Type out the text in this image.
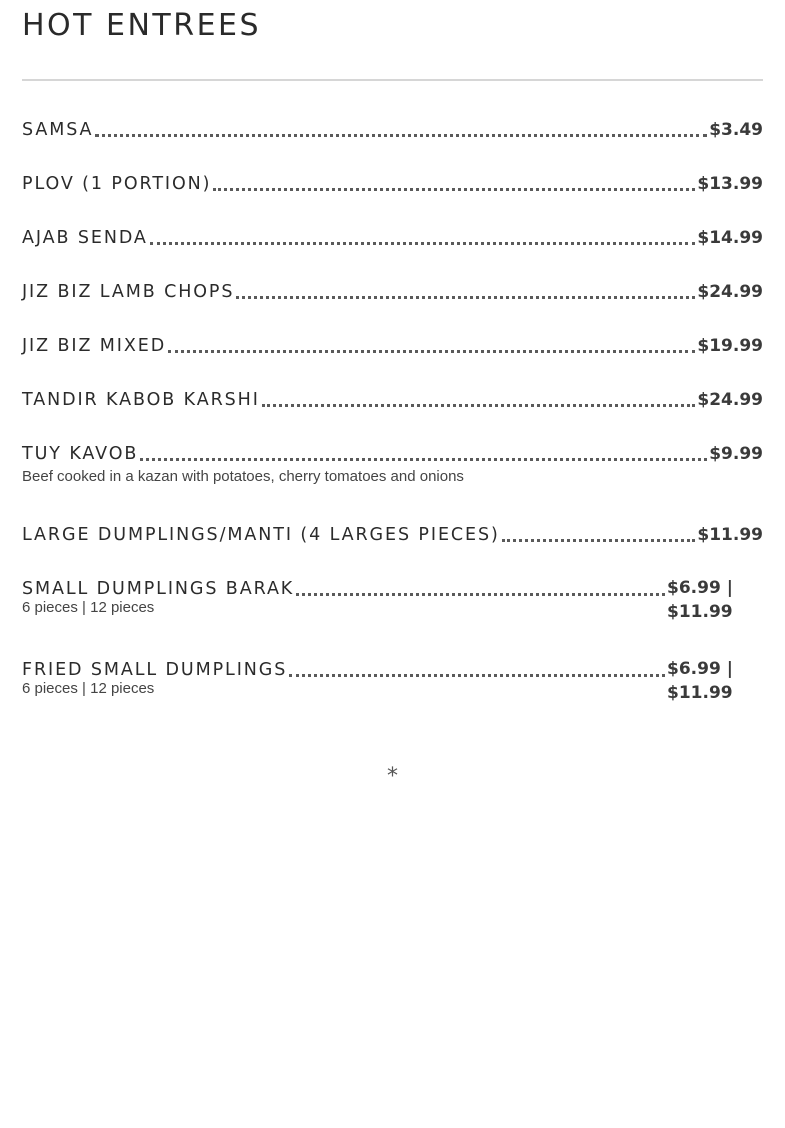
HOT ENTREES
SAMSA	$3.49
PLOV (1 PORTION)	$13.99
AJAB SENDA	$14.99
JIZ BIZ LAMB CHOPS	$24.99
JIZ BIZ MIXED	$19.99
TANDIR KABOB KARSHI	$24.99
TUY KAVOB	$9.99
Beef cooked in a kazan with potatoes, cherry tomatoes and onions
LARGE DUMPLINGS/MANTI (4 LARGES PIECES)	$11.99
SMALL DUMPLINGS BARAK	$6.99 | $11.99
6 pieces | 12 pieces
FRIED SMALL DUMPLINGS	$6.99 | $11.99
6 pieces | 12 pieces
*
